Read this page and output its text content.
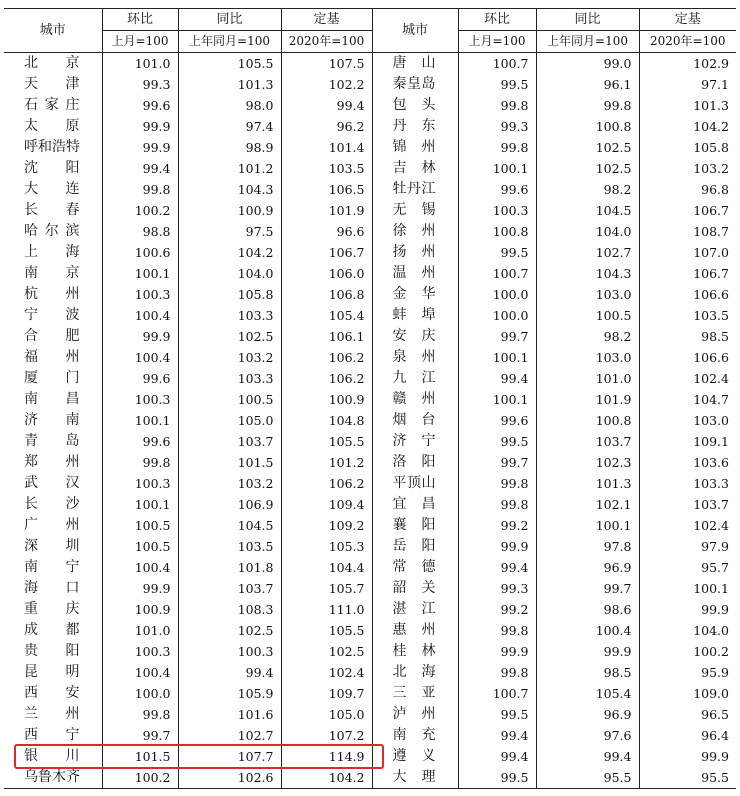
城市	环比	同比	定基	城市	环比	同比	定基
	上月=100	上年同月=100	2020年=100		上月=100	上年同月=100	2020年=100

北 京	101.0	105.5	107.5	唐 山	100.7	99.0	102.9

天 津	99.3	101.3	102.2	秦 皇 岛	99.5	96.1	97.1

石 家 庄	99.6	98.0	99.4	包 头	99.8	99.8	101.3

太 原	99.9	97.4	96.2	丹 东	99.3	100.8	104.2

呼 和 浩 特	99.9	98.9	101.4	锦 州	99.8	102.5	105.8

沈 阳	99.4	101.2	103.5	吉 林	100.1	102.5	103.2

大 连	99.8	104.3	106.5	牡 丹 江	99.6	98.2	96.8

长 春	100.2	100.9	101.9	无 锡	100.3	104.5	106.7

哈 尔 滨	98.8	97.5	96.6	徐 州	100.8	104.0	108.7

上 海	100.6	104.2	106.7	扬 州	99.5	102.7	107.0

南 京	100.1	104.0	106.0	温 州	100.7	104.3	106.7

杭 州	100.3	105.8	106.8	金 华	100.0	103.0	106.6

宁 波	100.4	103.3	105.4	蚌 埠	100.0	100.5	103.5

合 肥	99.9	102.5	106.1	安 庆	99.7	98.2	98.5

福 州	100.4	103.2	106.2	泉 州	100.1	103.0	106.6

厦 门	99.6	103.3	106.2	九 江	99.4	101.0	102.4

南 昌	100.3	100.5	100.9	赣 州	100.1	101.9	104.7

济 南	100.1	105.0	104.8	烟 台	99.6	100.8	103.0

青 岛	99.6	103.7	105.5	济 宁	99.5	103.7	109.1

郑 州	99.8	101.5	101.2	洛 阳	99.7	102.3	103.6

武 汉	100.3	103.2	106.2	平 顶 山	99.8	101.3	103.3

长 沙	100.1	106.9	109.4	宜 昌	99.8	102.1	103.7

广 州	100.5	104.5	109.2	襄 阳	99.2	100.1	102.4

深 圳	100.5	103.5	105.3	岳 阳	99.9	97.8	97.9

南 宁	100.4	101.8	104.4	常 德	99.4	96.9	95.7

海 口	99.9	103.7	105.7	韶 关	99.3	99.7	100.1

重 庆	100.9	108.3	111.0	湛 江	99.2	98.6	99.9

成 都	101.0	102.5	105.5	惠 州	99.8	100.4	104.0

贵 阳	100.3	100.3	102.5	桂 林	99.9	99.9	100.2

昆 明	100.4	99.4	102.4	北 海	99.8	98.5	95.9

西 安	100.0	105.9	109.7	三 亚	100.7	105.4	109.0

兰 州	99.8	101.6	105.0	泸 州	99.5	96.9	96.5

西 宁	99.7	102.7	107.2	南 充	99.4	97.6	96.4

银 川	101.5	107.7	114.9	遵 义	99.4	99.4	99.9

乌 鲁 木 齐	100.2	102.6	104.2	大 理	99.5	95.5	95.5
